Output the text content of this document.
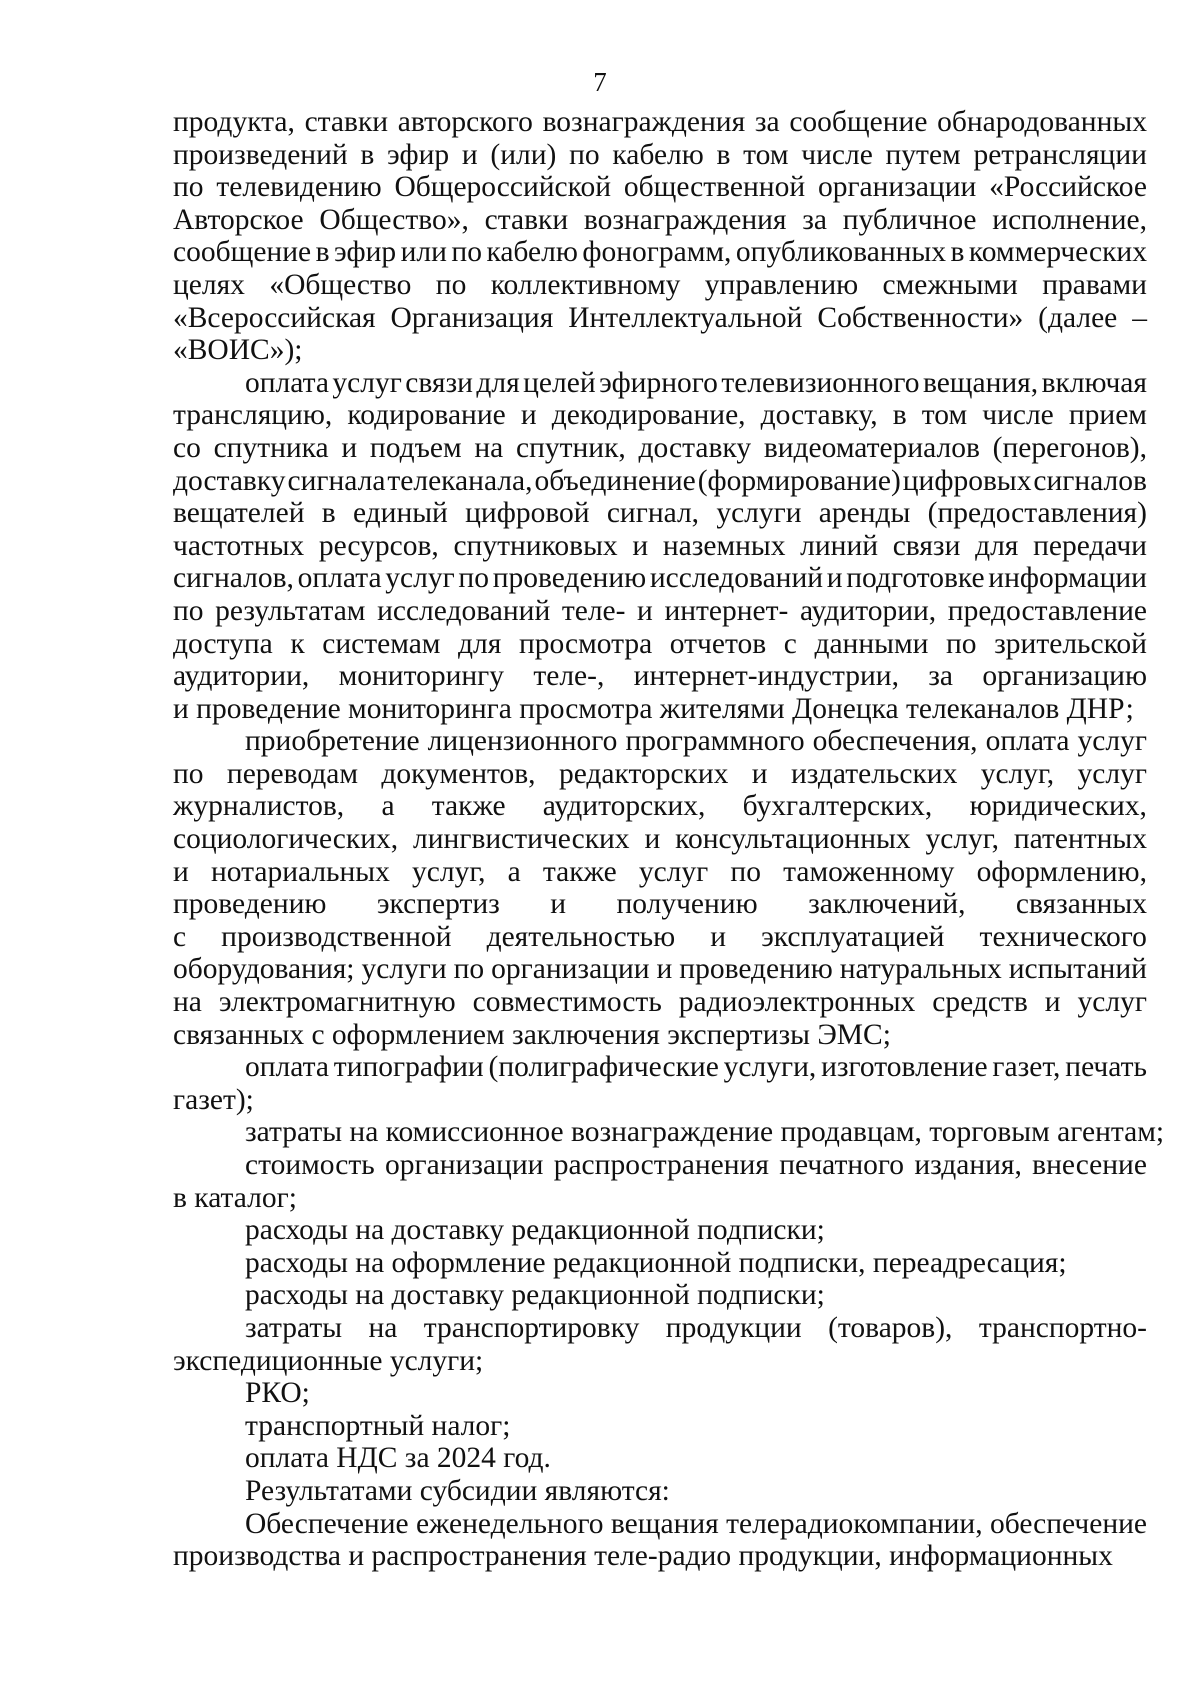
7
продукта, ставки авторского вознаграждения за сообщение обнародованных
произведений в эфир и (или) по кабелю в том числе путем ретрансляции
по телевидению Общероссийской общественной организации «Российское
Авторское Общество», ставки вознаграждения за публичное исполнение,
сообщение в эфир или по кабелю фонограмм, опубликованных в коммерческих
целях «Общество по коллективному управлению смежными правами
«Всероссийская Организация Интеллектуальной Собственности» (далее –
«ВОИС»);
оплата услуг связи для целей эфирного телевизионного вещания, включая
трансляцию, кодирование и декодирование, доставку, в том числе прием
со спутника и подъем на спутник, доставку видеоматериалов (перегонов),
доставку сигнала телеканала, объединение (формирование) цифровых сигналов
вещателей в единый цифровой сигнал, услуги аренды (предоставления)
частотных ресурсов, спутниковых и наземных линий связи для передачи
сигналов, оплата услуг по проведению исследований и подготовке информации
по результатам исследований теле- и интернет- аудитории, предоставление
доступа к системам для просмотра отчетов с данными по зрительской
аудитории, мониторингу теле-, интернет-индустрии, за организацию
и проведение мониторинга просмотра жителями Донецка телеканалов ДНР;
приобретение лицензионного программного обеспечения, оплата услуг
по переводам документов, редакторских и издательских услуг, услуг
журналистов, а также аудиторских, бухгалтерских, юридических,
социологических, лингвистических и консультационных услуг, патентных
и нотариальных услуг, а также услуг по таможенному оформлению,
проведению экспертиз и получению заключений, связанных
с производственной деятельностью и эксплуатацией технического
оборудования; услуги по организации и проведению натуральных испытаний
на электромагнитную совместимость радиоэлектронных средств и услуг
связанных с оформлением заключения экспертизы ЭМС;
оплата типографии (полиграфические услуги, изготовление газет, печать
газет);
затраты на комиссионное вознаграждение продавцам, торговым агентам;
стоимость организации распространения печатного издания, внесение
в каталог;
расходы на доставку редакционной подписки;
расходы на оформление редакционной подписки, переадресация;
расходы на доставку редакционной подписки;
затраты на транспортировку продукции (товаров), транспортно-
экспедиционные услуги;
РКО;
транспортный налог;
оплата НДС за 2024 год.
Результатами субсидии являются:
Обеспечение еженедельного вещания телерадиокомпании, обеспечение
производства и распространения теле-радио продукции, информационных
